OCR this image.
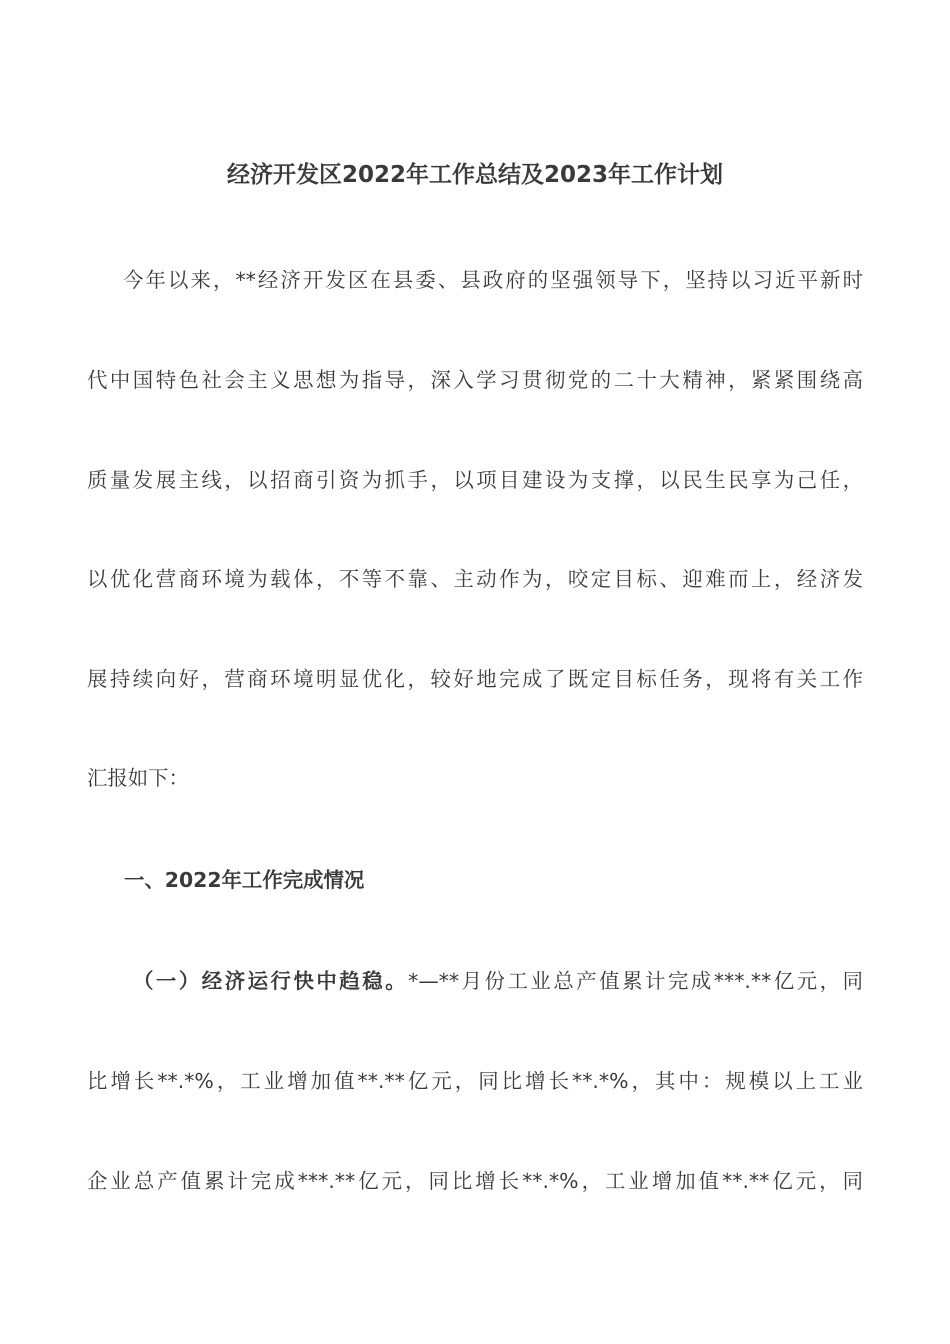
经济开发区2022年工作总结及2023年工作计划
今年以来，**经济开发区在县委、县政府的坚强领导下，坚持以习近平新时
代中国特色社会主义思想为指导，深入学习贯彻党的二十大精神，紧紧围绕高
质量发展主线，以招商引资为抓手，以项目建设为支撑，以民生民享为己任，
以优化营商环境为载体，不等不靠、主动作为，咬定目标、迎难而上，经济发
展持续向好，营商环境明显优化，较好地完成了既定目标任务，现将有关工作
汇报如下：
一、2022年工作完成情况
（一）经济运行快中趋稳。*—**月份工业总产值累计完成***.**亿元，同
比增长**.*%，工业增加值**.**亿元，同比增长**.*%，其中：规模以上工业
企业总产值累计完成***.**亿元，同比增长**.*%，工业增加值**.**亿元，同
